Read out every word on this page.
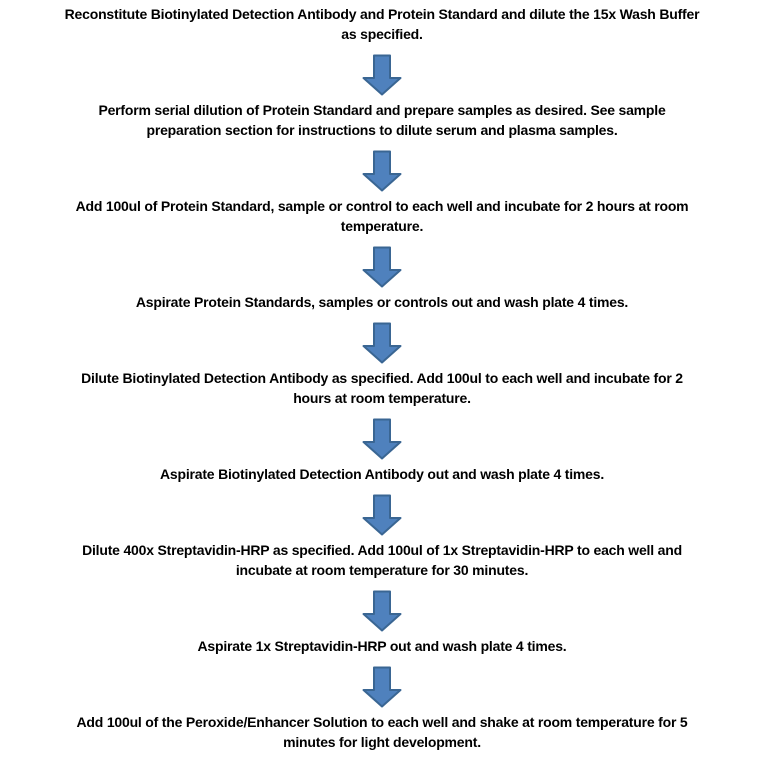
Reconstitute Biotinylated Detection Antibody and Protein Standard and dilute the 15x Wash Buffer
as specified.
Perform serial dilution of Protein Standard and prepare samples as desired. See sample
preparation section for instructions to dilute serum and plasma samples.
Add 100ul of Protein Standard, sample or control to each well and incubate for 2 hours at room
temperature.
Aspirate Protein Standards, samples or controls out and wash plate 4 times.
Dilute Biotinylated Detection Antibody as specified. Add 100ul to each well and incubate for 2
hours at room temperature.
Aspirate Biotinylated Detection Antibody out and wash plate 4 times.
Dilute 400x Streptavidin-HRP as specified. Add 100ul of 1x Streptavidin-HRP to each well and
incubate at room temperature for 30 minutes.
Aspirate 1x Streptavidin-HRP out and wash plate 4 times.
Add 100ul of the Peroxide/Enhancer Solution to each well and shake at room temperature for 5
minutes for light development.
